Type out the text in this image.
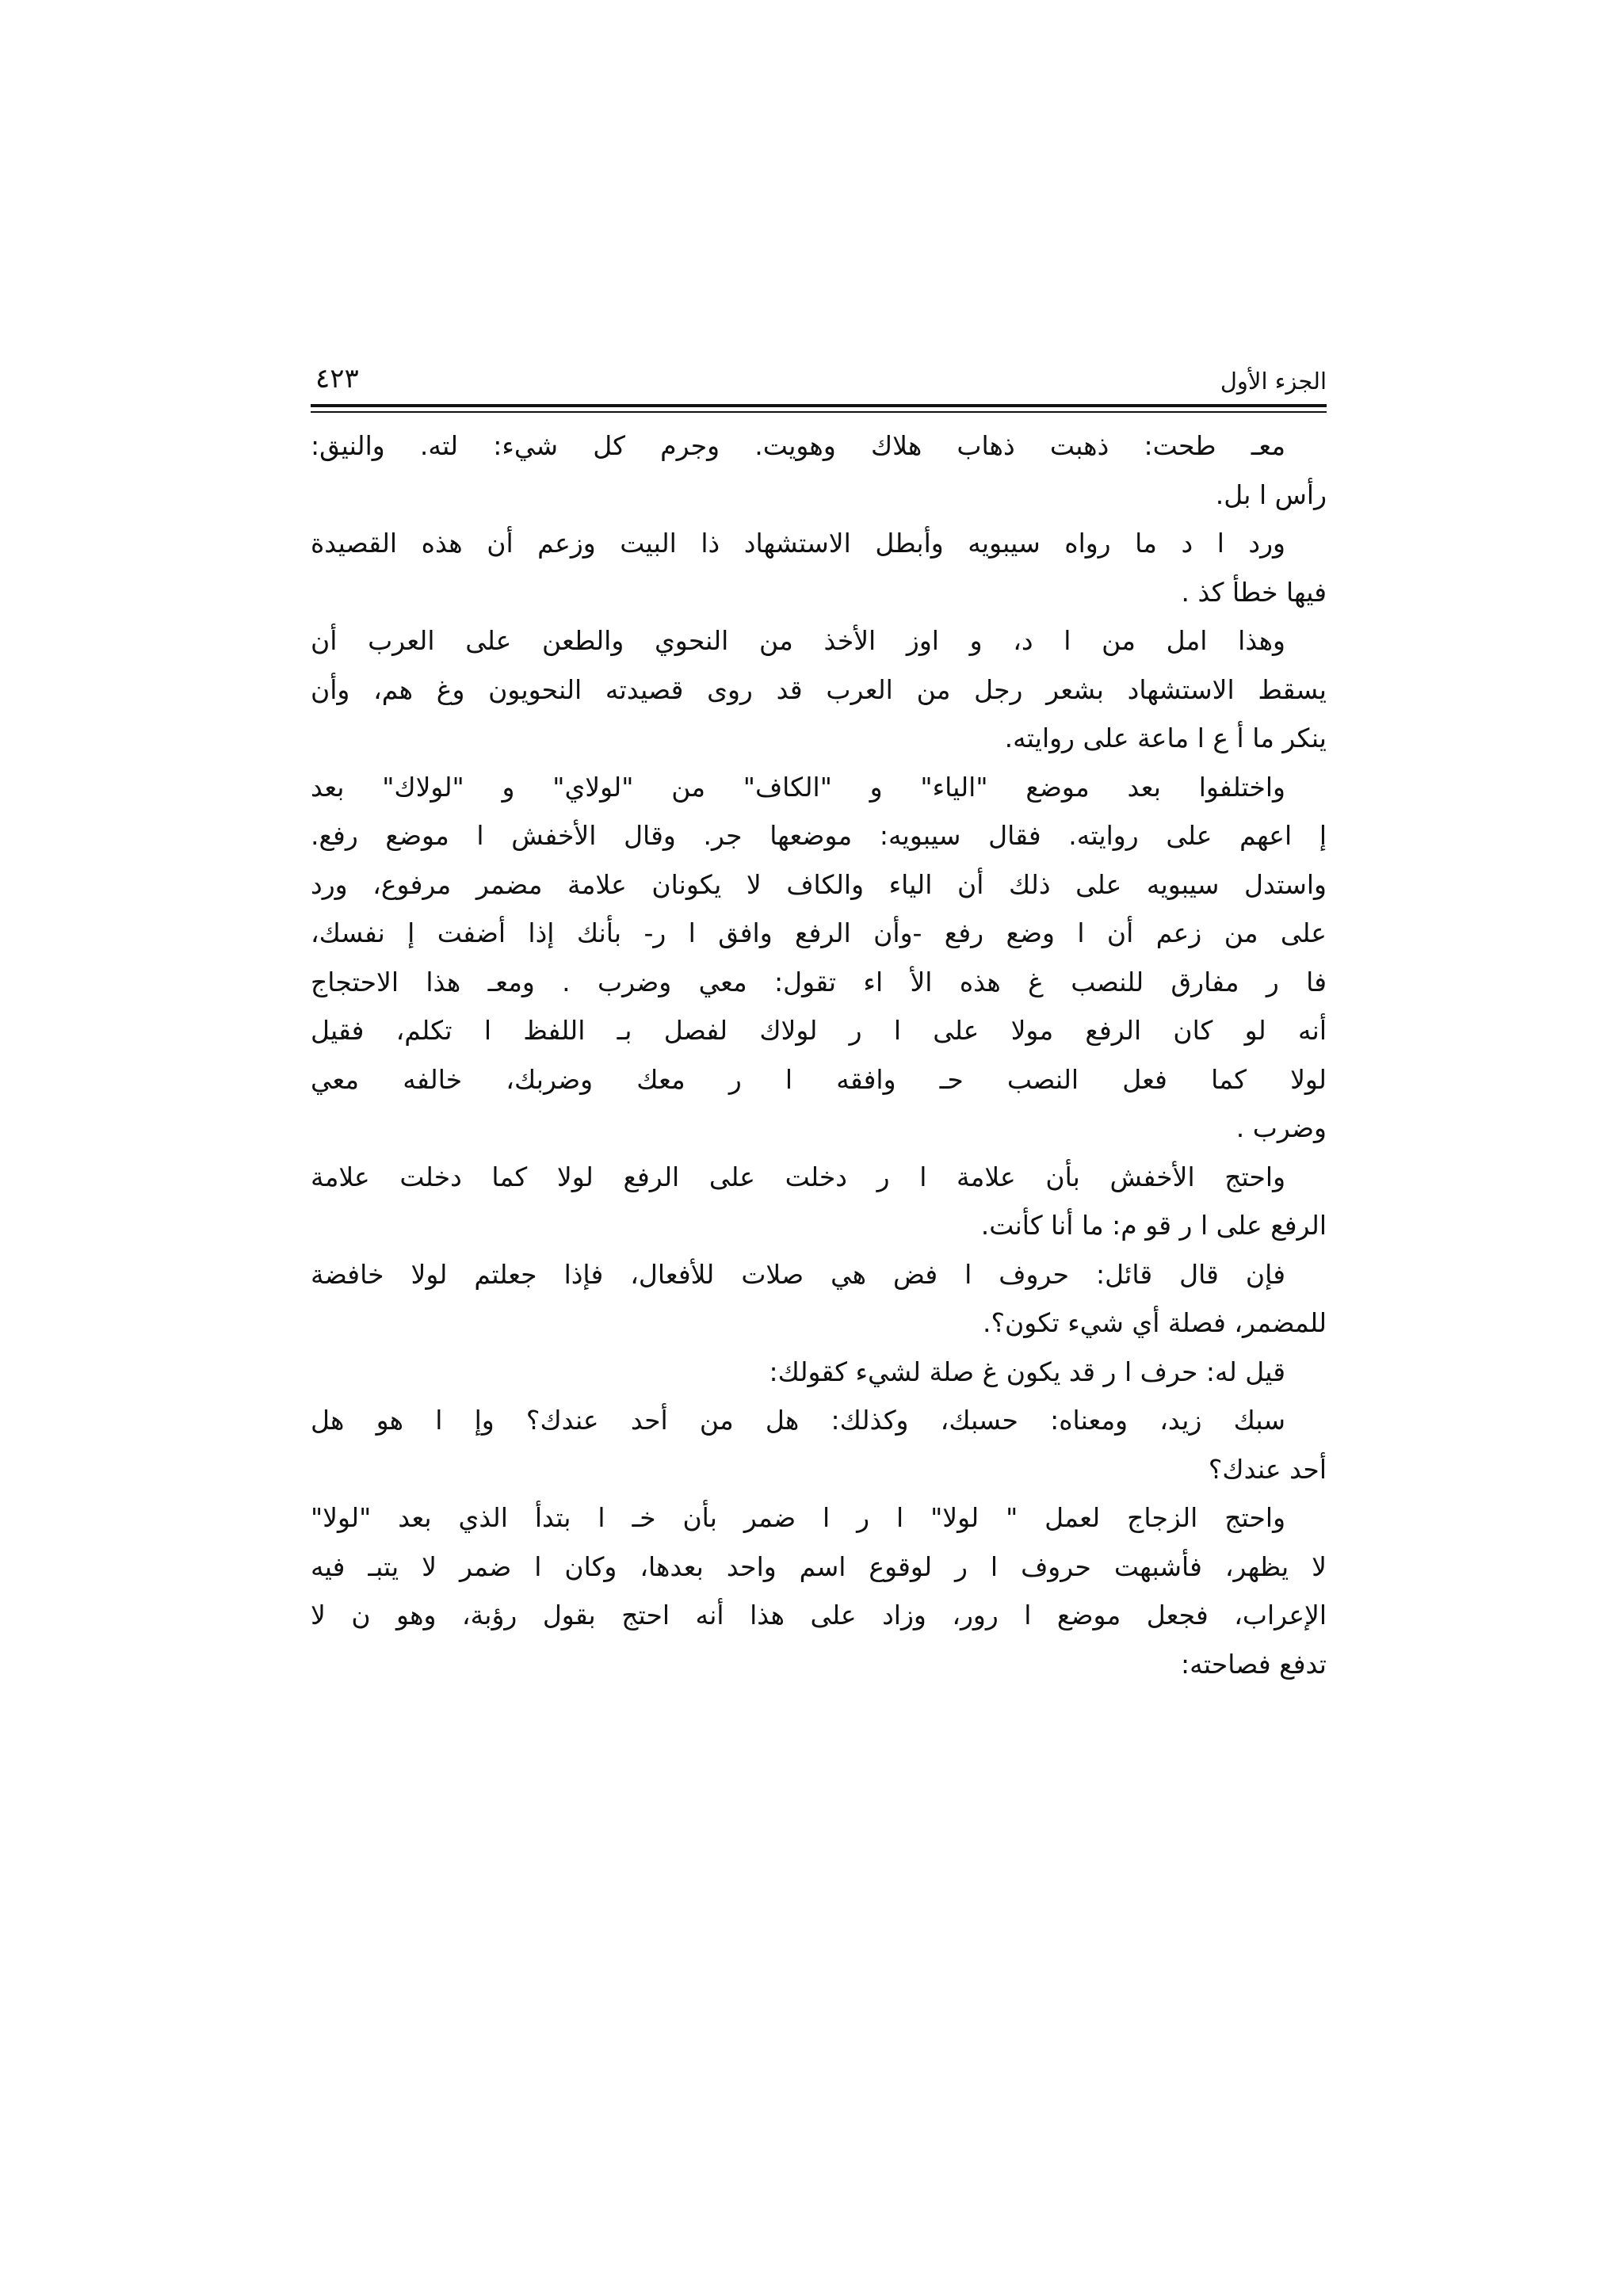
الجزء الأول
٤٢٣

معـ طحت: ذهبت ذهاب هلاك وهويت. وجرم كل شيء: لته. والنيق:
رأس ا بل.

ورد ا د ما رواه سيبويه وأبطل الاستشهاد ذا البيت وزعم أن هذه القصيدة
فيها خطأ كذ .

وهذا امل من ا د، و اوز الأخذ من النحوي والطعن على العرب أن
يسقط الاستشهاد بشعر رجل من العرب قد روى قصيدته النحويون وغ هم، وأن
ينكر ما أ ع ا ماعة على روايته.

واختلفوا بعد موضع "الياء" و "الكاف" من "لولاي" و "لولاك" بعد
إ اعهم على روايته. فقال سيبويه: موضعها جر. وقال الأخفش ا موضع رفع.
واستدل سيبويه على ذلك أن الياء والكاف لا يكونان علامة مضمر مرفوع، ورد
على من زعم أن ا وضع رفع -وأن الرفع وافق ا ر- بأنك إذا أضفت إ نفسك،
فا ر مفارق للنصب غ هذه الأ اء تقول: معي وضرب . ومعـ هذا الاحتجاج
أنه لو كان الرفع مولا على ا ر لولاك لفصل بـ اللفظ ا تكلم، فقيل
لولا كما فعل النصب حـ وافقه ا ر معك وضربك، خالفه معي
وضرب .

واحتج الأخفش بأن علامة ا ر دخلت على الرفع لولا كما دخلت علامة
الرفع على ا ر قو م: ما أنا كأنت.

فإن قال قائل: حروف ا فض هي صلات للأفعال، فإذا جعلتم لولا خافضة
للمضمر، فصلة أي شيء تكون؟.

قيل له: حرف ا ر قد يكون غ صلة لشيء كقولك:

سبك زيد، ومعناه: حسبك، وكذلك: هل من أحد عندك؟ وإ ا هو هل
أحد عندك؟

واحتج الزجاج لعمل " لولا" ا ر ا ضمر بأن خـ ا بتدأ الذي بعد "لولا"
لا يظهر، فأشبهت حروف ا ر لوقوع اسم واحد بعدها، وكان ا ضمر لا يتبـ فيه
الإعراب، فجعل موضع ا رور، وزاد على هذا أنه احتج بقول رؤبة، وهو ن لا
تدفع فصاحته:
